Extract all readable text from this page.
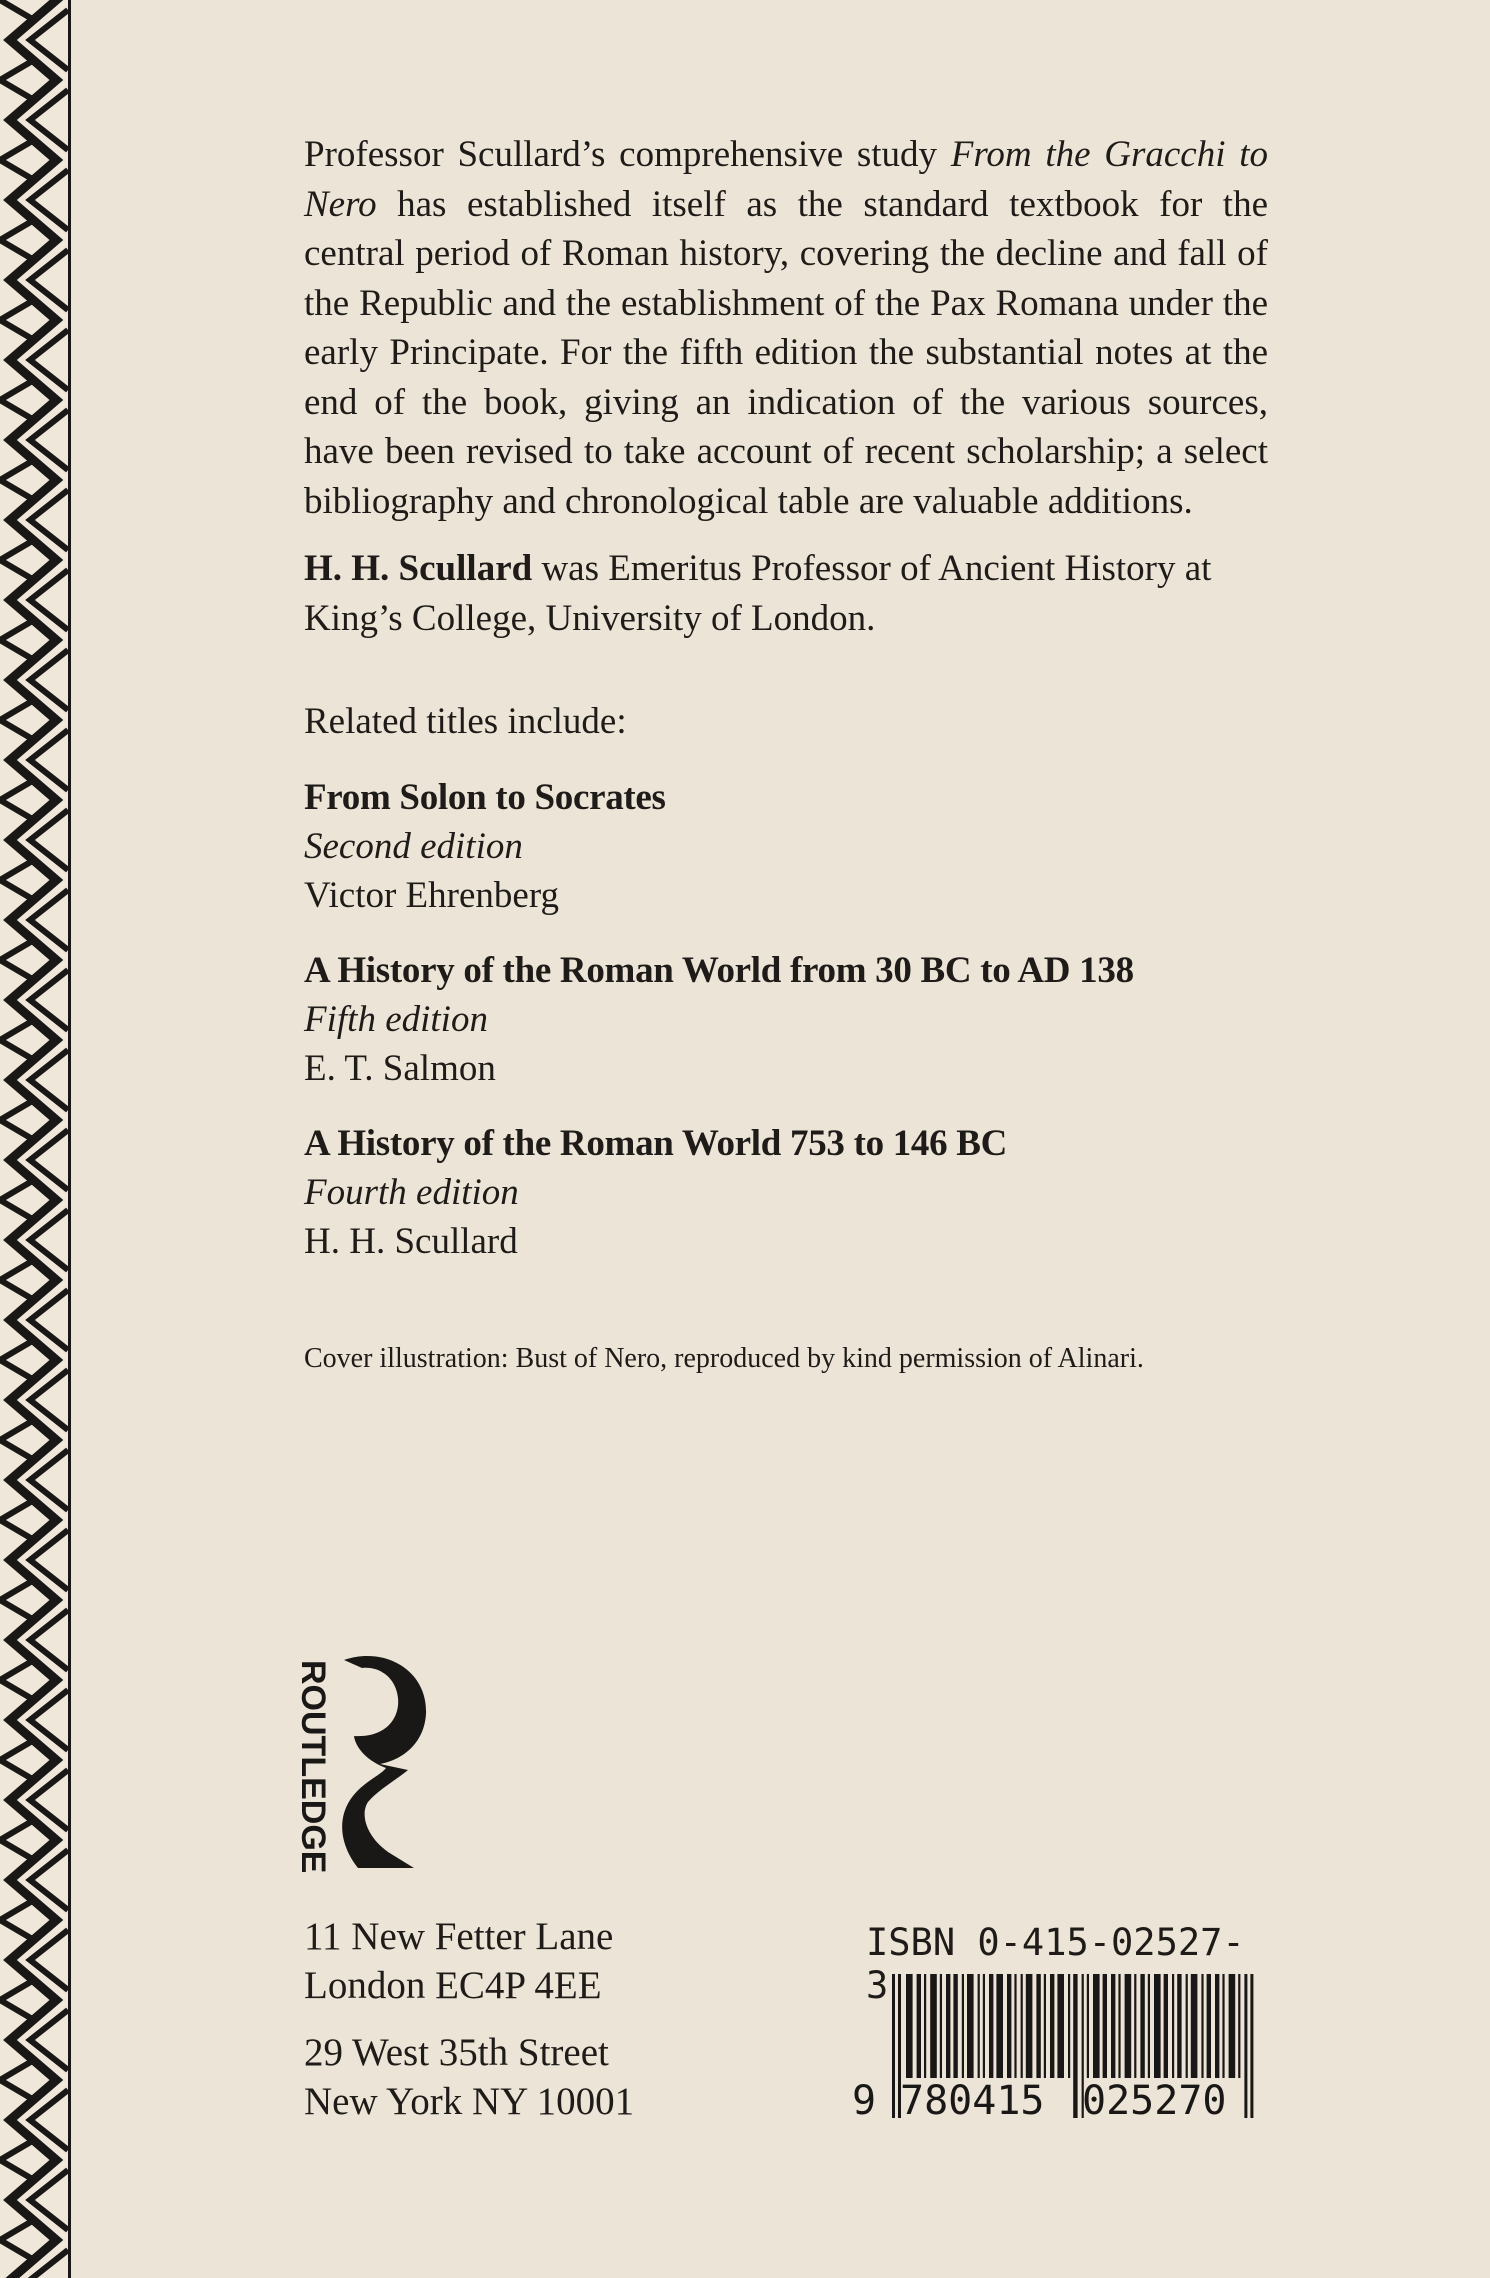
Professor Scullard’s comprehensive study From the Gracchi to Nero has established itself as the standard textbook for the central period of Roman history, covering the decline and fall of the Republic and the establishment of the Pax Romana under the early Principate. For the fifth edition the substantial notes at the end of the book, giving an indication of the various sources, have been revised to take account of recent scholarship; a select bibliography and chronological table are valuable additions.

H. H. Scullard was Emeritus Professor of Ancient History at King’s College, University of London.

Related titles include:

From Solon to Socrates
Second edition
Victor Ehrenberg
A History of the Roman World from 30 BC to AD 138
Fifth edition
E. T. Salmon
A History of the Roman World 753 to 146 BC
Fourth edition
H. H. Scullard
Cover illustration: Bust of Nero, reproduced by kind permission of Alinari.
ROUTLEDGE
11 New Fetter Lane
London EC4P 4EE
29 West 35th Street
New York NY 10001
ISBN 0-415-02527-3
9 780415 025270
